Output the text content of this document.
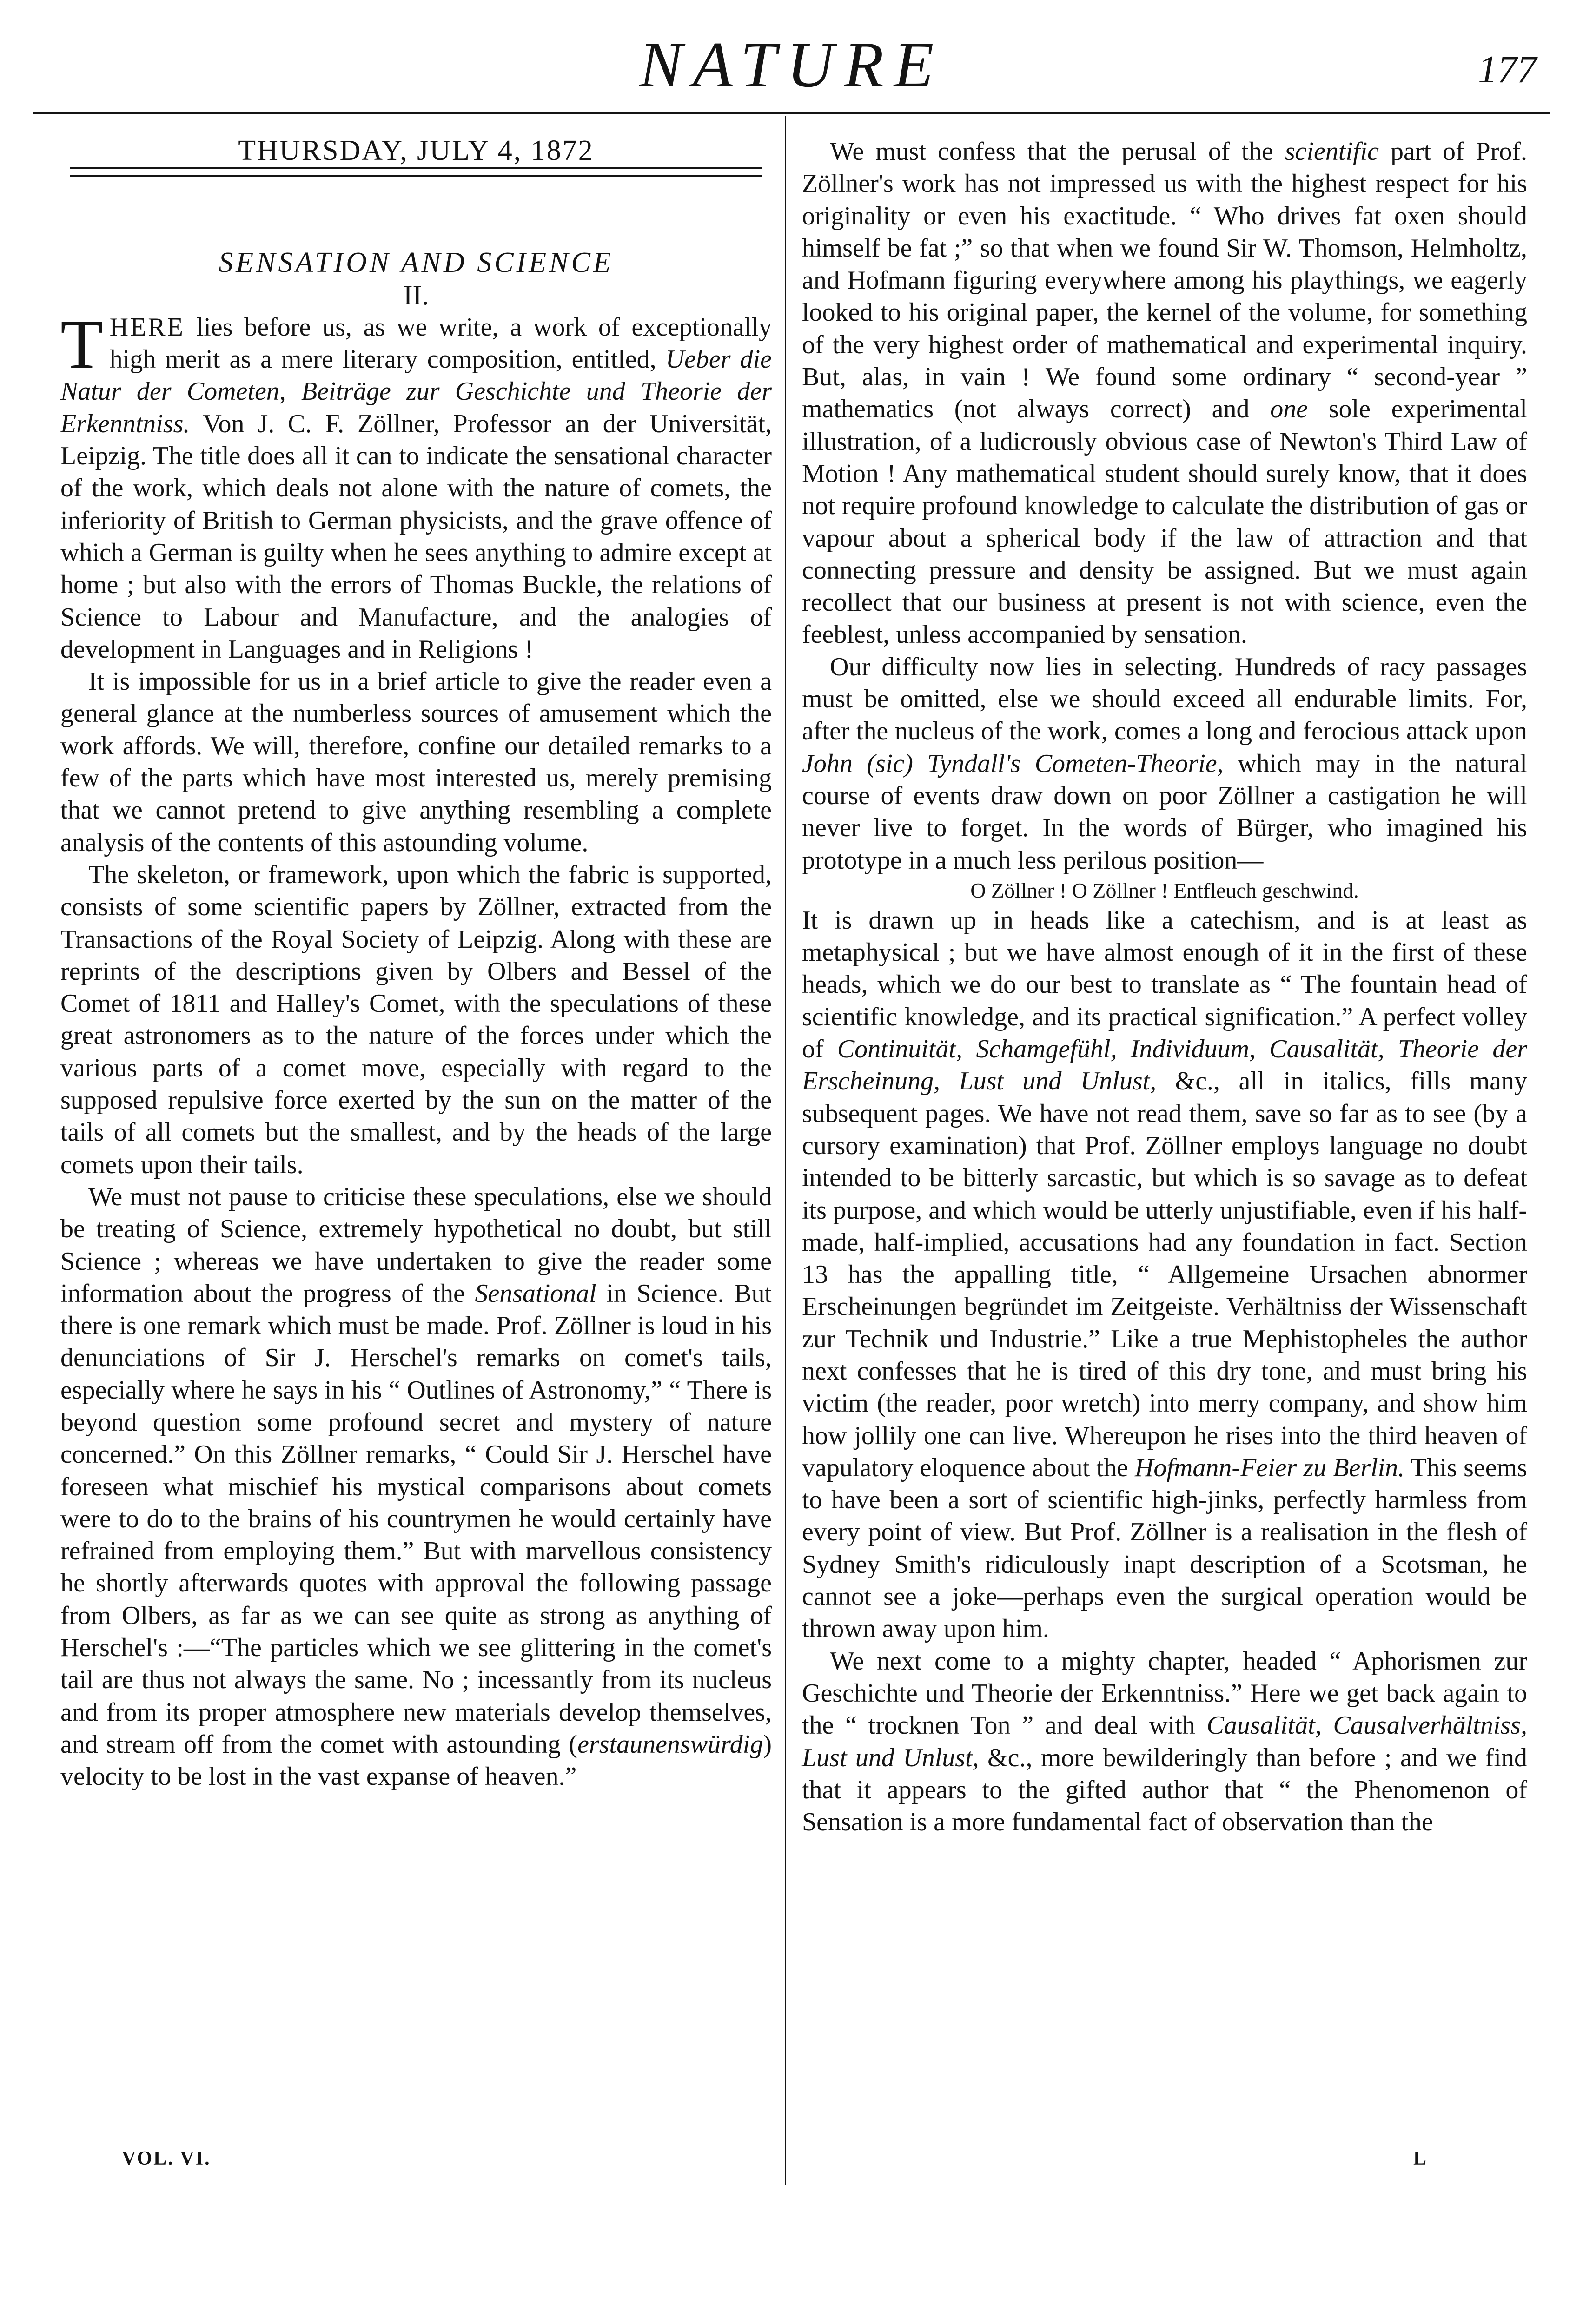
NATURE	177

THURSDAY, JULY 4, 1872

SENSATION AND SCIENCE

II.

THERE lies before us, as we write, a work of exceptionally high merit as a mere literary composition, entitled, Ueber die Natur der Cometen, Beiträge zur Geschichte und Theorie der Erkenntniss. Von J. C. F. Zöllner, Professor an der Universität, Leipzig. The title does all it can to indicate the sensational character of the work, which deals not alone with the nature of comets, the inferiority of British to German physicists, and the grave offence of which a German is guilty when he sees anything to admire except at home ; but also with the errors of Thomas Buckle, the relations of Science to Labour and Manufacture, and the analogies of development in Languages and in Religions !

It is impossible for us in a brief article to give the reader even a general glance at the numberless sources of amusement which the work affords. We will, therefore, confine our detailed remarks to a few of the parts which have most interested us, merely premising that we cannot pretend to give anything resembling a complete analysis of the contents of this astounding volume.

The skeleton, or framework, upon which the fabric is supported, consists of some scientific papers by Zöllner, extracted from the Transactions of the Royal Society of Leipzig. Along with these are reprints of the descriptions given by Olbers and Bessel of the Comet of 1811 and Halley's Comet, with the speculations of these great astronomers as to the nature of the forces under which the various parts of a comet move, especially with regard to the supposed repulsive force exerted by the sun on the matter of the tails of all comets but the smallest, and by the heads of the large comets upon their tails.

We must not pause to criticise these speculations, else we should be treating of Science, extremely hypothetical no doubt, but still Science ; whereas we have undertaken to give the reader some information about the progress of the Sensational in Science. But there is one remark which must be made. Prof. Zöllner is loud in his denunciations of Sir J. Herschel's remarks on comet's tails, especially where he says in his “ Outlines of Astronomy,” “ There is beyond question some profound secret and mystery of nature concerned.” On this Zöllner remarks, “ Could Sir J. Herschel have foreseen what mischief his mystical comparisons about comets were to do to the brains of his countrymen he would certainly have refrained from employing them.” But with marvellous consistency he shortly afterwards quotes with approval the following passage from Olbers, as far as we can see quite as strong as anything of Herschel's :—“The particles which we see glittering in the comet's tail are thus not always the same. No ; incessantly from its nucleus and from its proper atmosphere new materials develop themselves, and stream off from the comet with astounding (erstaunenswürdig) velocity to be lost in the vast expanse of heaven.”

We must confess that the perusal of the scientific part of Prof. Zöllner's work has not impressed us with the highest respect for his originality or even his exactitude. “ Who drives fat oxen should himself be fat ;” so that when we found Sir W. Thomson, Helmholtz, and Hofmann figuring everywhere among his playthings, we eagerly looked to his original paper, the kernel of the volume, for something of the very highest order of mathematical and experimental inquiry. But, alas, in vain ! We found some ordinary “ second-year ” mathematics (not always correct) and one sole experimental illustration, of a ludicrously obvious case of Newton's Third Law of Motion ! Any mathematical student should surely know, that it does not require profound knowledge to calculate the distribution of gas or vapour about a spherical body if the law of attraction and that connecting pressure and density be assigned. But we must again recollect that our business at present is not with science, even the feeblest, unless accompanied by sensation.

Our difficulty now lies in selecting. Hundreds of racy passages must be omitted, else we should exceed all endurable limits. For, after the nucleus of the work, comes a long and ferocious attack upon John (sic) Tyndall's Cometen-Theorie, which may in the natural course of events draw down on poor Zöllner a castigation he will never live to forget. In the words of Bürger, who imagined his prototype in a much less perilous position—

O Zöllner ! O Zöllner ! Entfleuch geschwind.

It is drawn up in heads like a catechism, and is at least as metaphysical ; but we have almost enough of it in the first of these heads, which we do our best to translate as “ The fountain head of scientific knowledge, and its practical signification.” A perfect volley of Continuität, Schamgefühl, Individuum, Causalität, Theorie der Erscheinung, Lust und Unlust, &c., all in italics, fills many subsequent pages. We have not read them, save so far as to see (by a cursory examination) that Prof. Zöllner employs language no doubt intended to be bitterly sarcastic, but which is so savage as to defeat its purpose, and which would be utterly unjustifiable, even if his half-made, half-implied, accusations had any foundation in fact. Section 13 has the appalling title, “ Allgemeine Ursachen abnormer Erscheinungen begründet im Zeitgeiste. Verhältniss der Wissenschaft zur Technik und Industrie.” Like a true Mephistopheles the author next confesses that he is tired of this dry tone, and must bring his victim (the reader, poor wretch) into merry company, and show him how jollily one can live. Whereupon he rises into the third heaven of vapulatory eloquence about the Hofmann-Feier zu Berlin. This seems to have been a sort of scientific high-jinks, perfectly harmless from every point of view. But Prof. Zöllner is a realisation in the flesh of Sydney Smith's ridiculously inapt description of a Scotsman, he cannot see a joke—perhaps even the surgical operation would be thrown away upon him.

We next come to a mighty chapter, headed “ Aphorismen zur Geschichte und Theorie der Erkenntniss.” Here we get back again to the “ trocknen Ton ” and deal with Causalität, Causalverhältniss, Lust und Unlust, &c., more bewilderingly than before ; and we find that it appears to the gifted author that “ the Phenomenon of Sensation is a more fundamental fact of observation than the

VOL. VI.	L
